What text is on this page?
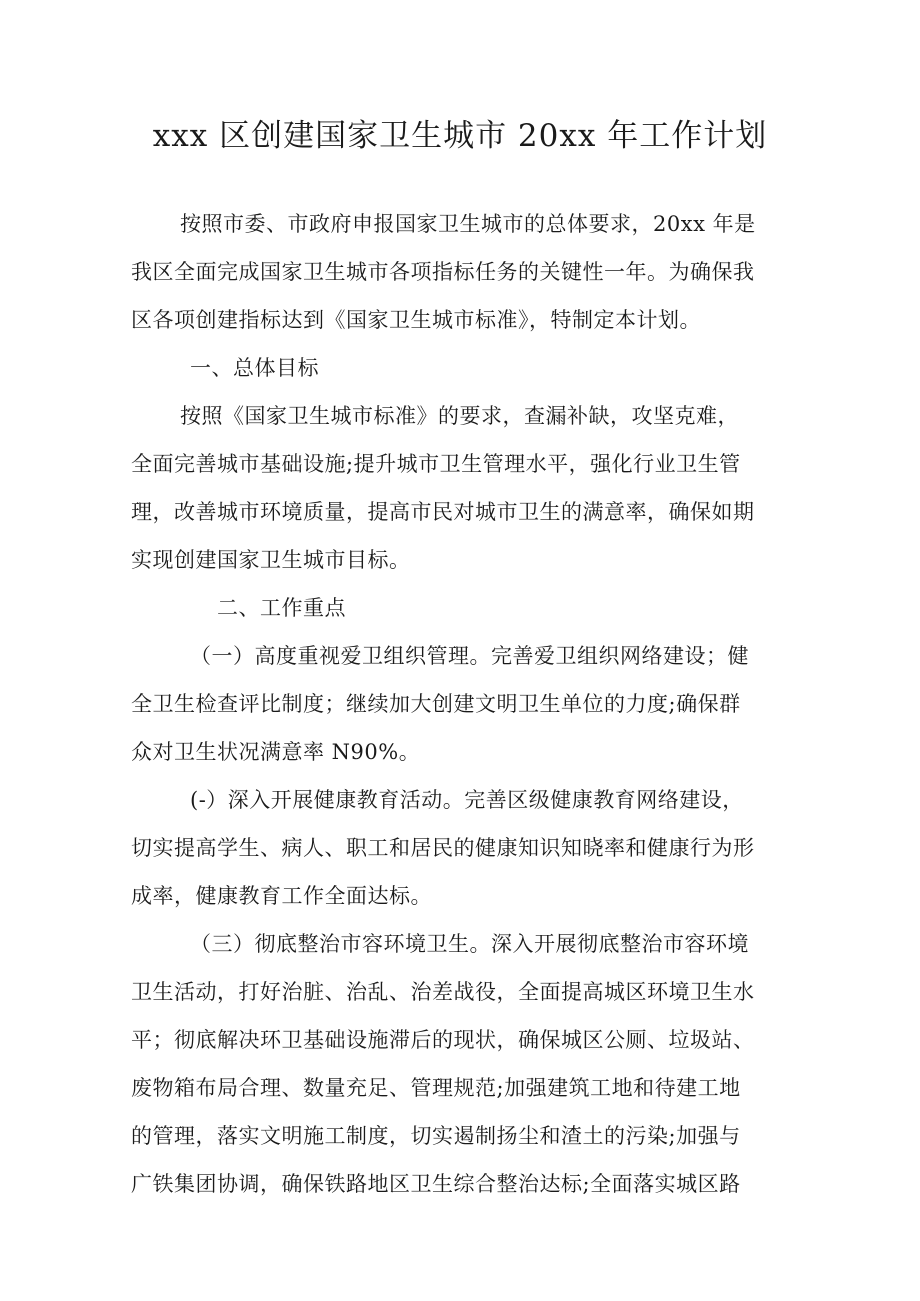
xxx 区创建国家卫生城市 20xx 年工作计划
按照市委、市政府申报国家卫生城市的总体要求，20xx 年是
我区全面完成国家卫生城市各项指标任务的关键性一年。为确保我
区各项创建指标达到《国家卫生城市标准》，特制定本计划。
一、总体目标
按照《国家卫生城市标准》的要求，查漏补缺，攻坚克难，
全面完善城市基础设施;提升城市卫生管理水平，强化行业卫生管
理，改善城市环境质量，提高市民对城市卫生的满意率，确保如期
实现创建国家卫生城市目标。
二、工作重点
（一）高度重视爱卫组织管理。完善爱卫组织网络建设；健
全卫生检查评比制度；继续加大创建文明卫生单位的力度;确保群
众对卫生状况满意率 N90%。
(-）深入开展健康教育活动。完善区级健康教育网络建设，
切实提高学生、病人、职工和居民的健康知识知晓率和健康行为形
成率，健康教育工作全面达标。
（三）彻底整治市容环境卫生。深入开展彻底整治市容环境
卫生活动，打好治脏、治乱、治差战役，全面提高城区环境卫生水
平；彻底解决环卫基础设施滞后的现状，确保城区公厕、垃圾站、
废物箱布局合理、数量充足、管理规范;加强建筑工地和待建工地
的管理，落实文明施工制度，切实遏制扬尘和渣土的污染;加强与
广铁集团协调，确保铁路地区卫生综合整治达标;全面落实城区路
